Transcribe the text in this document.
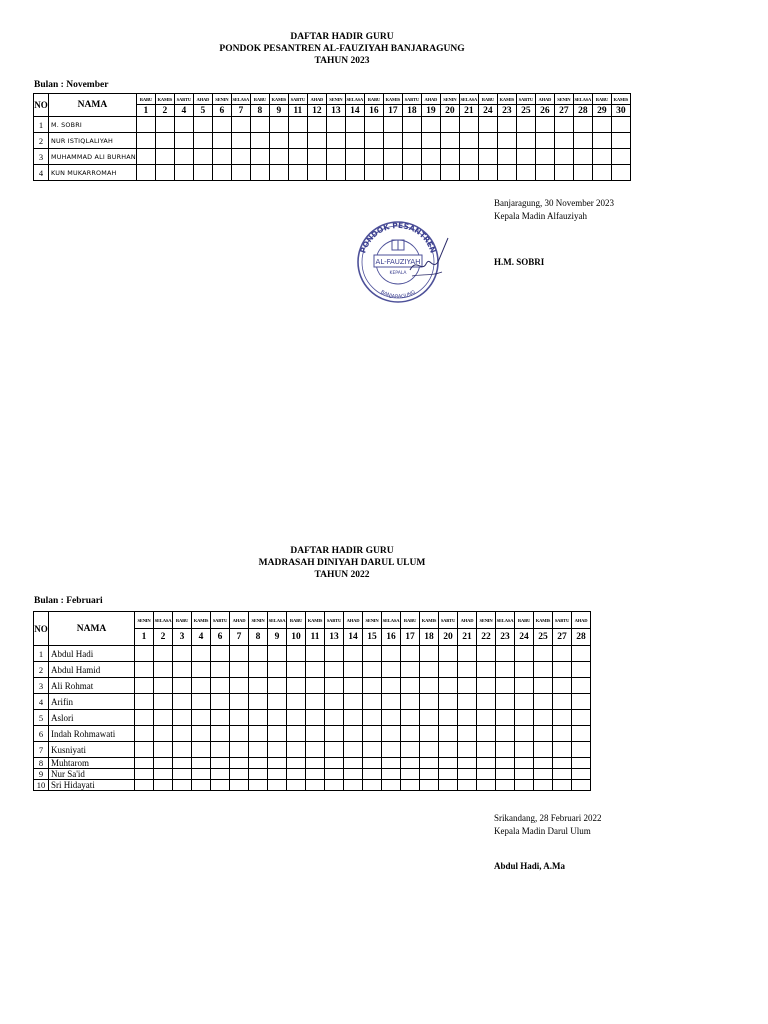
DAFTAR HADIR GURU
PONDOK PESANTREN AL-FAUZIYAH BANJARAGUNG
TAHUN 2023
Bulan : November
NO	NAMA	RABU	KAMIS	SABTU	AHAD	SENIN	SELASA	RABU	KAMIS	SABTU	AHAD	SENIN	SELASA	RABU	KAMIS	SABTU	AHAD	SENIN	SELASA	RABU	KAMIS	SABTU	AHAD	SENIN	SELASA	RABU	KAMIS
		1	2	4	5	6	7	8	9	11	12	13	14	16	17	18	19	20	21	24	23	25	26	27	28	29	30
1	M. SOBRI																										
2	NUR ISTIQLALIYAH																										
3	MUHAMMAD ALI BURHAN																										
4	KUN MUKARROMAH																										
Banjaragung, 30 November 2023
Kepala Madin Alfauziyah
H.M. SOBRI
PONDOK PESANTREN
BANJARAGUNG
AL-FAUZIYAH
KEPALA
DAFTAR HADIR GURU
MADRASAH DINIYAH DARUL ULUM
TAHUN 2022
Bulan : Februari
NO	NAMA	SENIN	SELASA	RABU	KAMIS	SABTU	AHAD	SENIN	SELASA	RABU	KAMIS	SABTU	AHAD	SENIN	SELASA	RABU	KAMIS	SABTU	AHAD	SENIN	SELASA	RABU	KAMIS	SABTU	AHAD
		1	2	3	4	6	7	8	9	10	11	13	14	15	16	17	18	20	21	22	23	24	25	27	28
1	Abdul Hadi																								
2	Abdul Hamid																								
3	Ali Rohmat																								
4	Arifin																								
5	Aslori																								
6	Indah Rohmawati																								
7	Kusniyati																								
8	Muhtarom																								
9	Nur Sa'id																								
10	Sri Hidayati																								
Srikandang, 28 Februari 2022
Kepala Madin Darul Ulum
Abdul Hadi, A.Ma
